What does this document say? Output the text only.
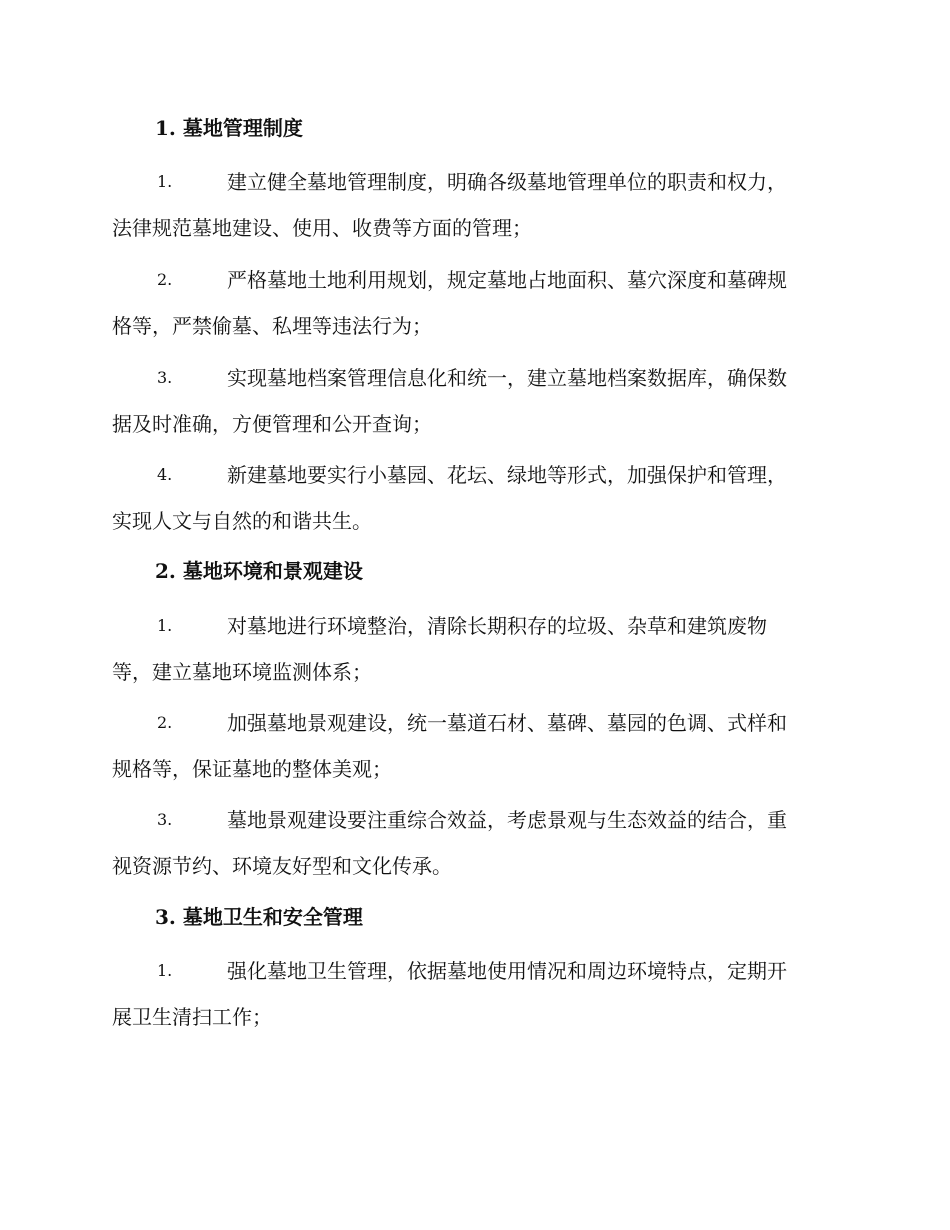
1. 墓地管理制度
1.	建立健全墓地管理制度，明确各级墓地管理单位的职责和权力，
法律规范墓地建设、使用、收费等方面的管理；
2.	严格墓地土地利用规划，规定墓地占地面积、墓穴深度和墓碑规
格等，严禁偷墓、私埋等违法行为；
3.	实现墓地档案管理信息化和统一，建立墓地档案数据库，确保数
据及时准确，方便管理和公开查询；
4.	新建墓地要实行小墓园、花坛、绿地等形式，加强保护和管理，
实现人文与自然的和谐共生。
2. 墓地环境和景观建设
1.	对墓地进行环境整治，清除长期积存的垃圾、杂草和建筑废物
等，建立墓地环境监测体系；
2.	加强墓地景观建设，统一墓道石材、墓碑、墓园的色调、式样和
规格等，保证墓地的整体美观；
3.	墓地景观建设要注重综合效益，考虑景观与生态效益的结合，重
视资源节约、环境友好型和文化传承。
3. 墓地卫生和安全管理
1.	强化墓地卫生管理，依据墓地使用情况和周边环境特点，定期开
展卫生清扫工作；
